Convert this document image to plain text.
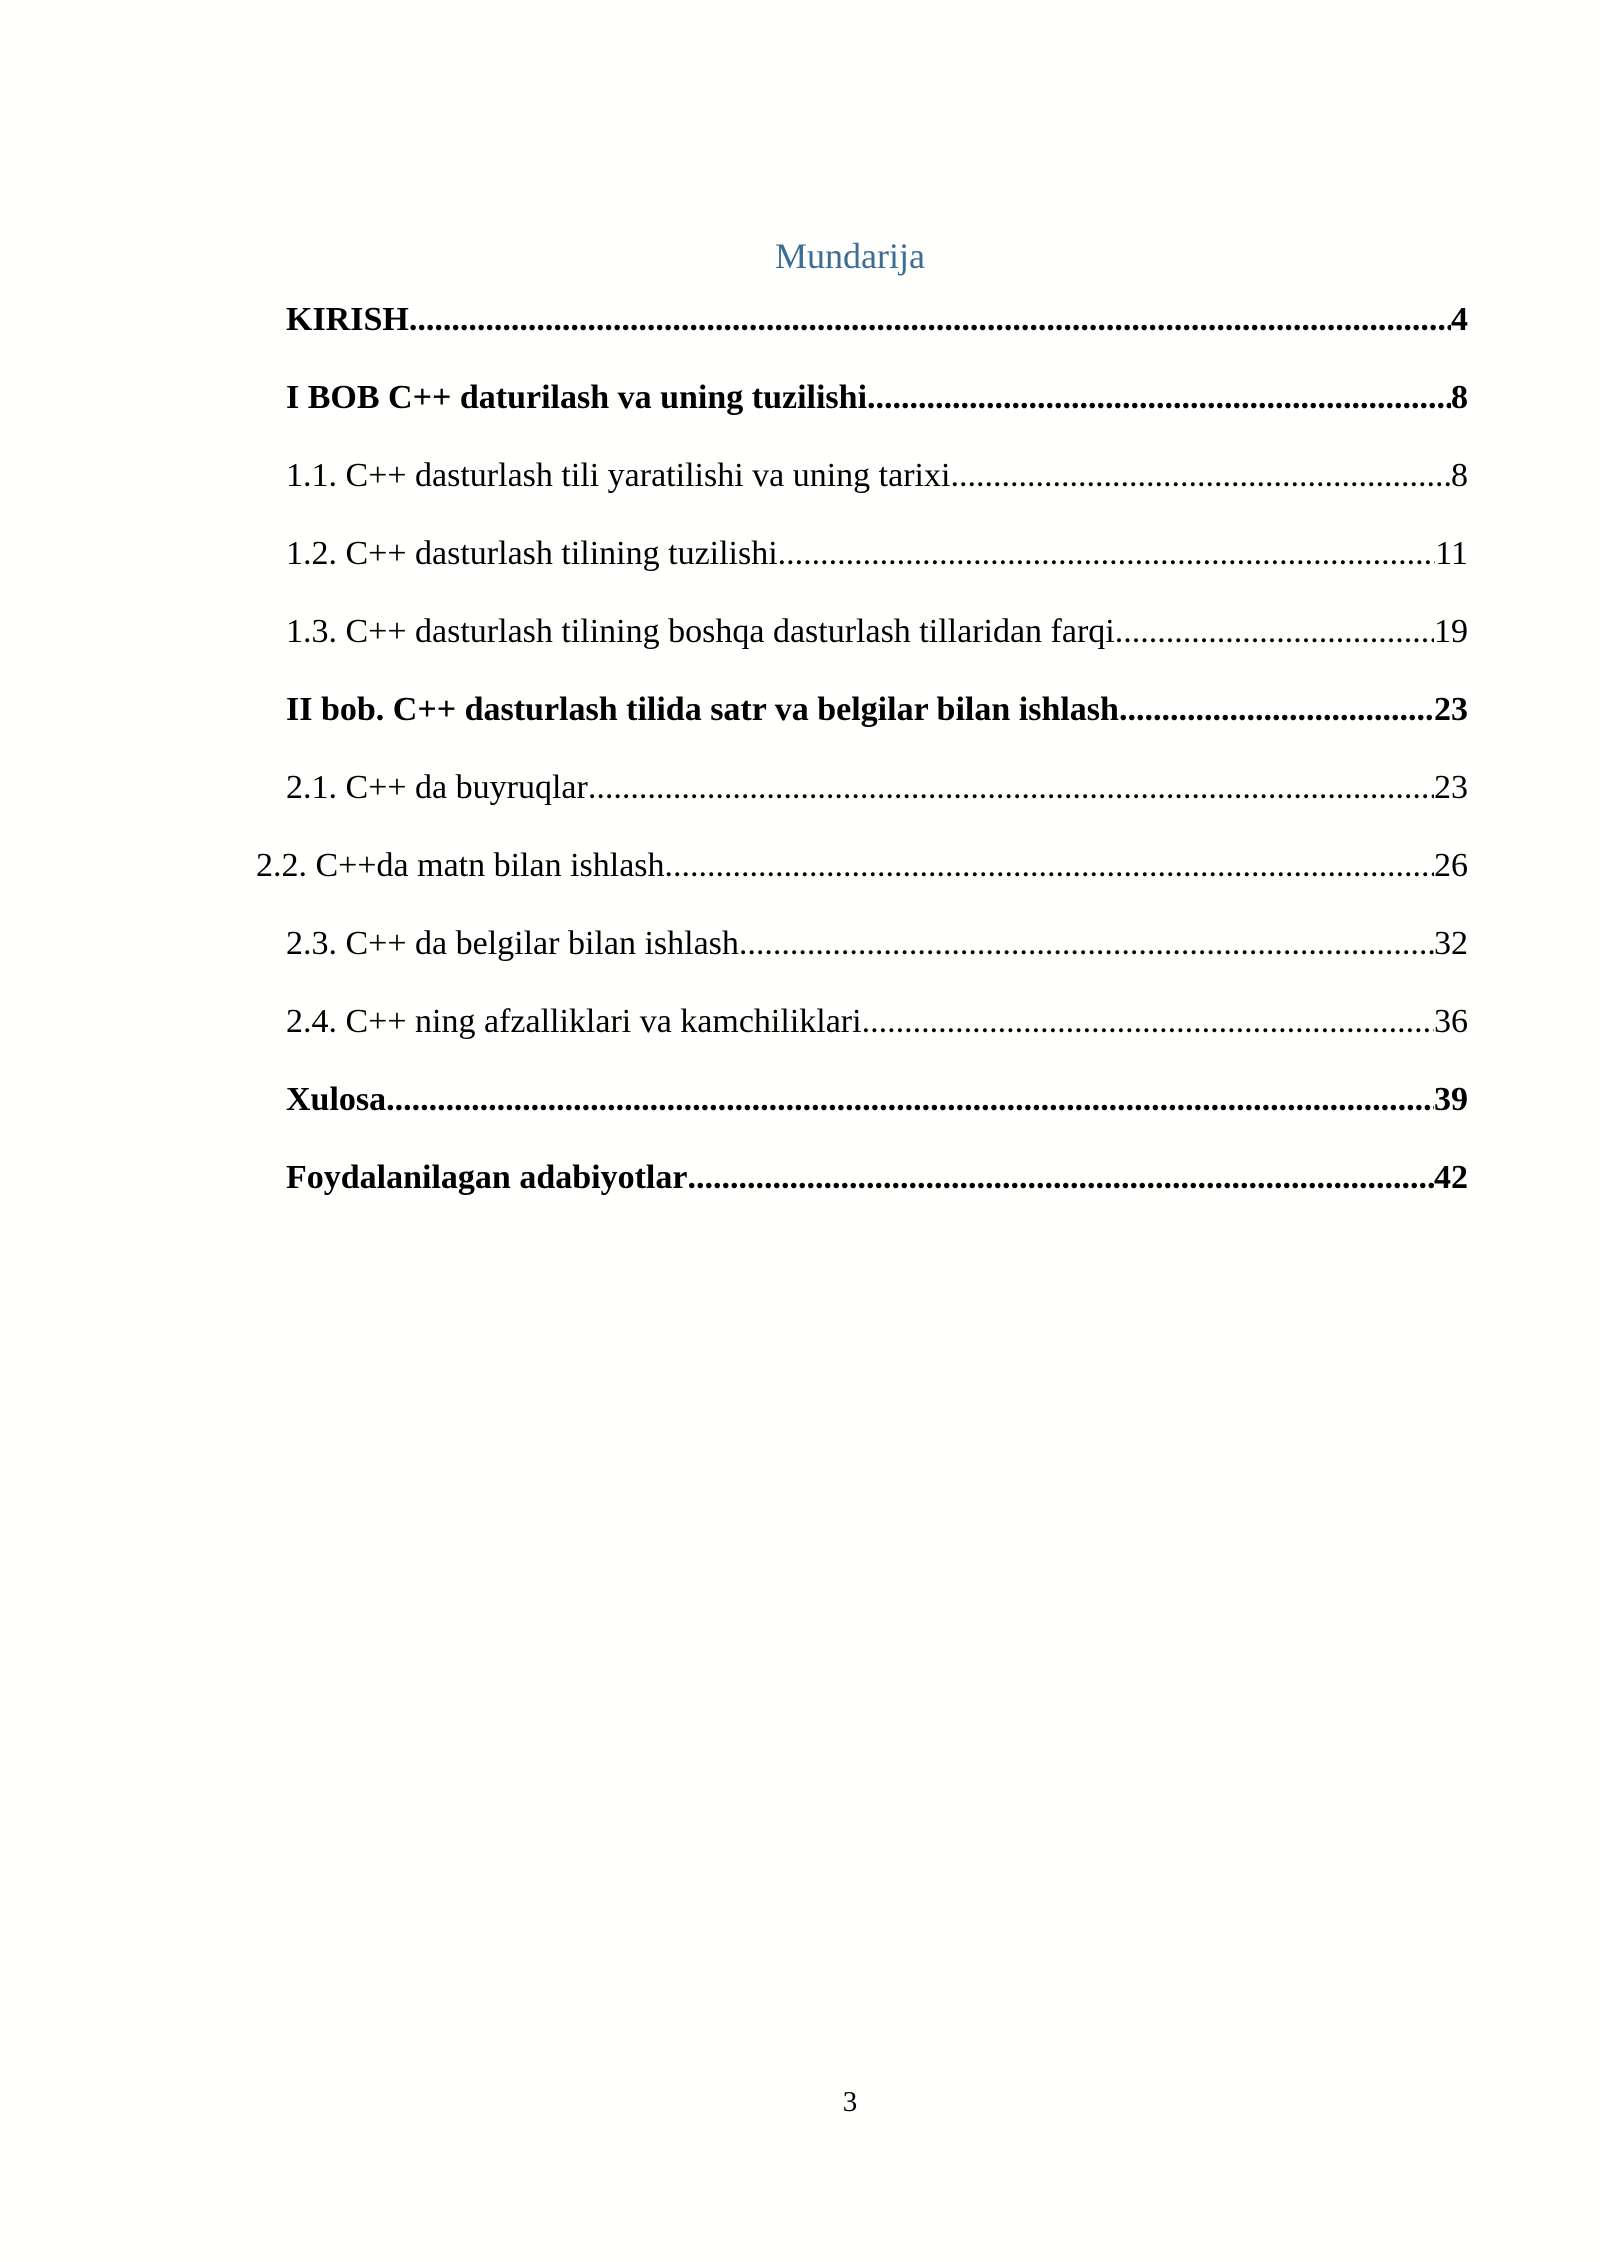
Mundarija
KIRISH .....	4
I BOB C++ daturilash va uning tuzilishi .....	8
1.1. C++ dasturlash tili yaratilishi va uning tarixi .....	8
1.2. C++ dasturlash tilining tuzilishi .....	11
1.3. C++ dasturlash tilining boshqa dasturlash tillaridan farqi .....	19
II bob. C++ dasturlash tilida satr va belgilar bilan ishlash .....	23
2.1. C++ da buyruqlar .....	23
2.2. C++da matn bilan ishlash .....	26
2.3. C++ da belgilar bilan ishlash .....	32
2.4. C++ ning afzalliklari va kamchiliklari .....	36
Xulosa .....	39
Foydalanilagan adabiyotlar .....	42
3
